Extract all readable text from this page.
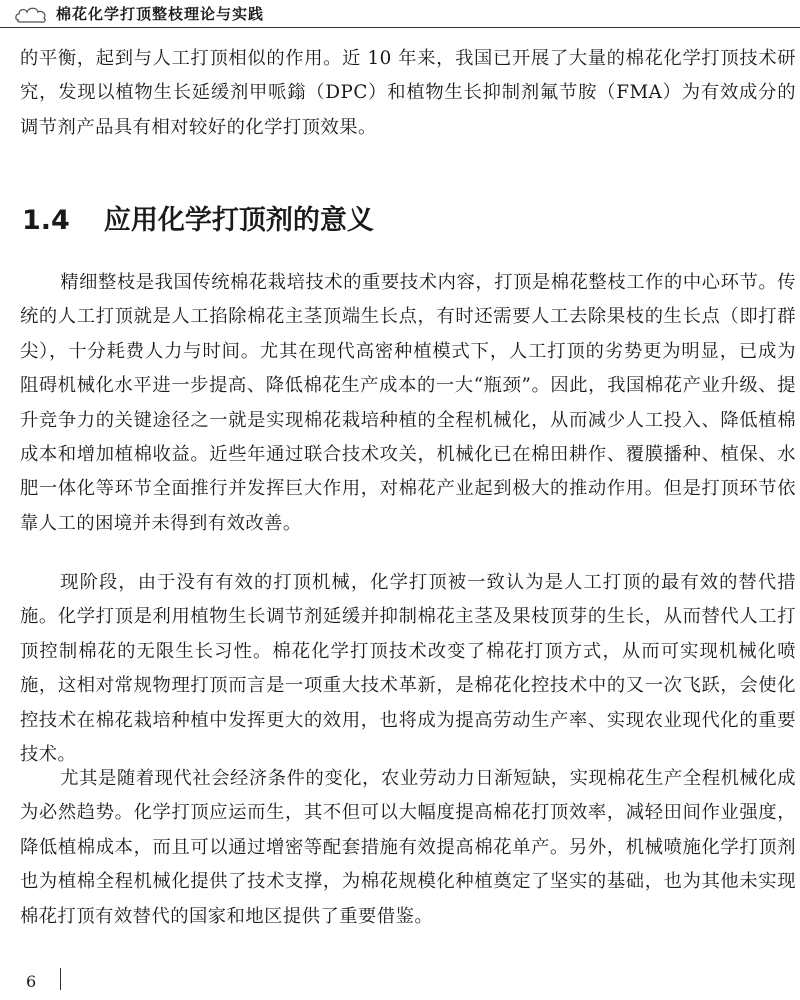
棉花化学打顶整枝理论与实践

的平衡，起到与人工打顶相似的作用。近 10 年来，我国已开展了大量的棉花化学打顶技术研究，发现以植物生长延缓剂甲哌鎓（DPC）和植物生长抑制剂氟节胺（FMA）为有效成分的调节剂产品具有相对较好的化学打顶效果。

1.4 应用化学打顶剂的意义

精细整枝是我国传统棉花栽培技术的重要技术内容，打顶是棉花整枝工作的中心环节。传统的人工打顶就是人工掐除棉花主茎顶端生长点，有时还需要人工去除果枝的生长点（即打群尖），十分耗费人力与时间。尤其在现代高密种植模式下，人工打顶的劣势更为明显，已成为阻碍机械化水平进一步提高、降低棉花生产成本的一大“瓶颈”。因此，我国棉花产业升级、提升竞争力的关键途径之一就是实现棉花栽培种植的全程机械化，从而减少人工投入、降低植棉成本和增加植棉收益。近些年通过联合技术攻关，机械化已在棉田耕作、覆膜播种、植保、水肥一体化等环节全面推行并发挥巨大作用，对棉花产业起到极大的推动作用。但是打顶环节依靠人工的困境并未得到有效改善。

现阶段，由于没有有效的打顶机械，化学打顶被一致认为是人工打顶的最有效的替代措施。化学打顶是利用植物生长调节剂延缓并抑制棉花主茎及果枝顶芽的生长，从而替代人工打顶控制棉花的无限生长习性。棉花化学打顶技术改变了棉花打顶方式，从而可实现机械化喷施，这相对常规物理打顶而言是一项重大技术革新，是棉花化控技术中的又一次飞跃，会使化控技术在棉花栽培种植中发挥更大的效用，也将成为提高劳动生产率、实现农业现代化的重要技术。

尤其是随着现代社会经济条件的变化，农业劳动力日渐短缺，实现棉花生产全程机械化成为必然趋势。化学打顶应运而生，其不但可以大幅度提高棉花打顶效率，减轻田间作业强度，降低植棉成本，而且可以通过增密等配套措施有效提高棉花单产。另外，机械喷施化学打顶剂也为植棉全程机械化提供了技术支撑，为棉花规模化种植奠定了坚实的基础，也为其他未实现棉花打顶有效替代的国家和地区提供了重要借鉴。

6
